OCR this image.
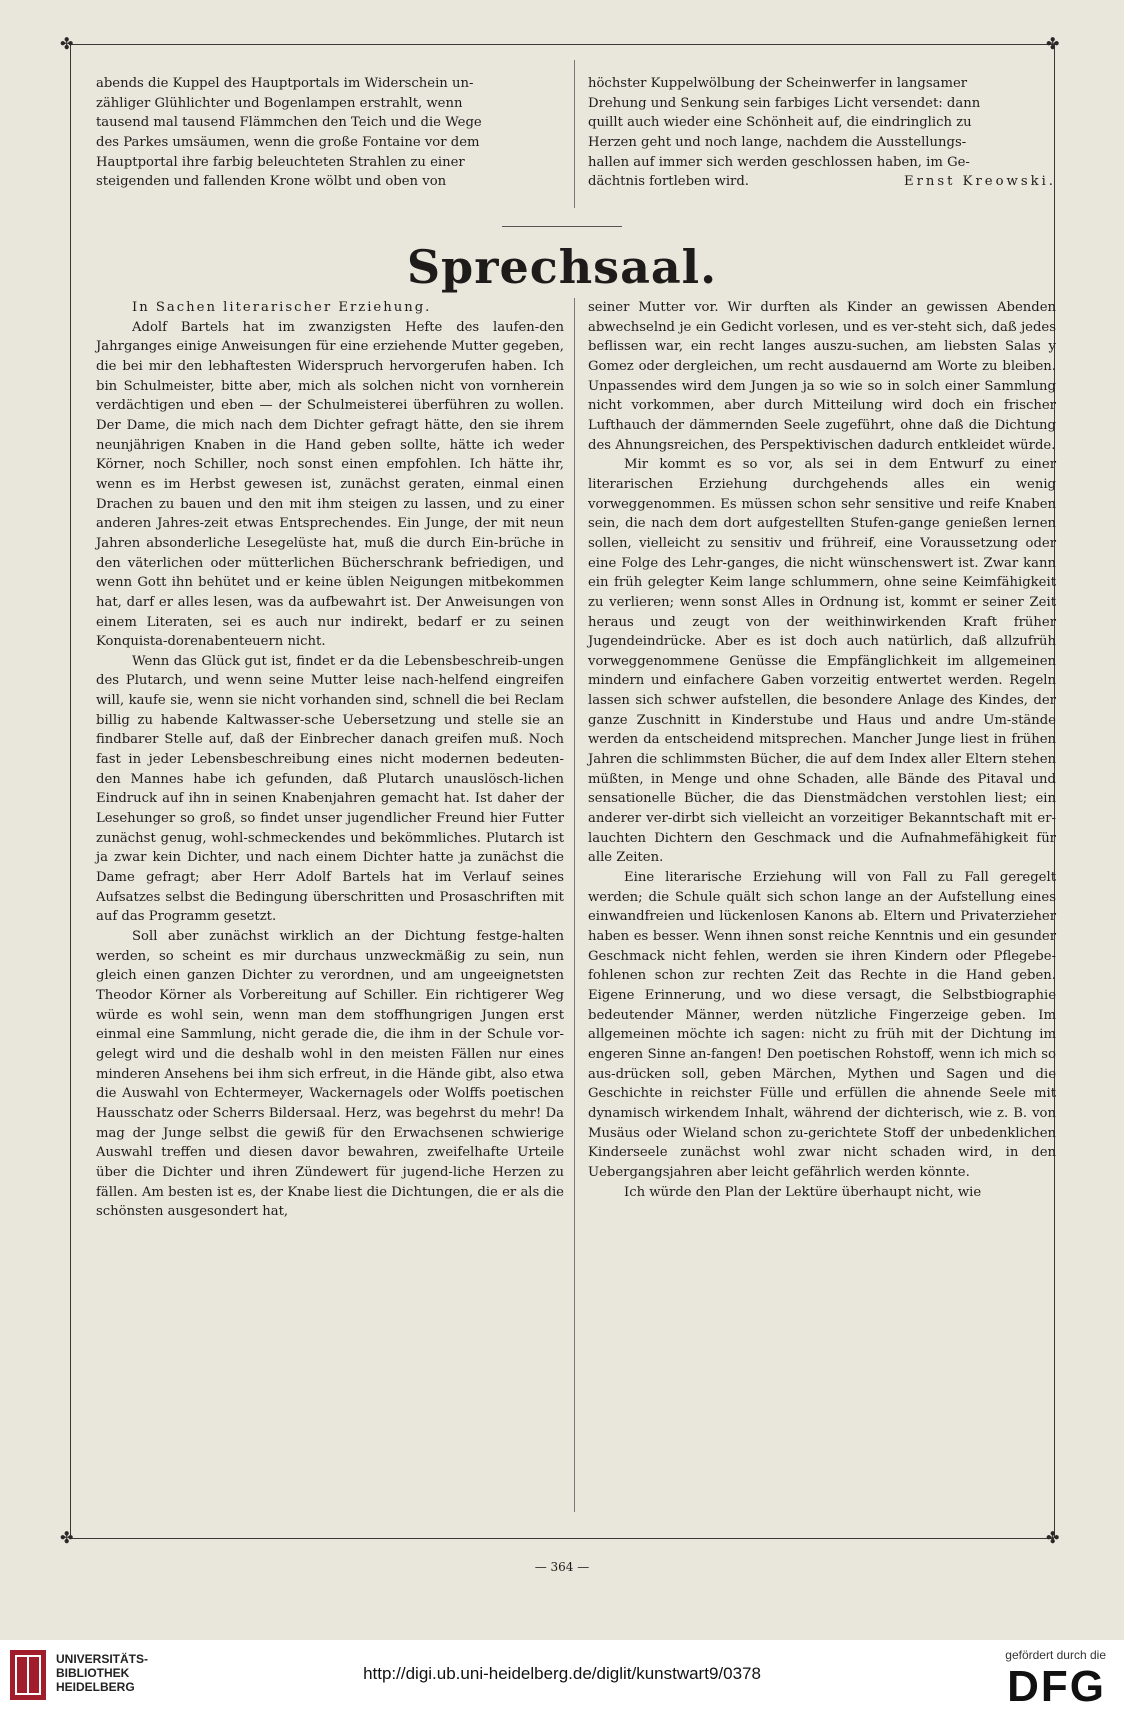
✤	✤
✤	✤

abends die Kuppel des Hauptportals im Widerschein un-

zähliger Glühlichter und Bogenlampen erstrahlt, wenn

tausend mal tausend Flämmchen den Teich und die Wege

des Parkes umsäumen, wenn die große Fontaine vor dem

Hauptportal ihre farbig beleuchteten Strahlen zu einer

steigenden und fallenden Krone wölbt und oben von

höchster Kuppelwölbung der Scheinwerfer in langsamer

Drehung und Senkung sein farbiges Licht versendet: dann

quillt auch wieder eine Schönheit auf, die eindringlich zu

Herzen geht und noch lange, nachdem die Ausstellungs-

hallen auf immer sich werden geschlossen haben, im Ge-

dächtnis fortleben wird.	Ernst Kreowski.

Sprechsaal.

In Sachen literarischer Erziehung.

Adolf Bartels hat im zwanzigsten Hefte des laufen-den Jahrganges einige Anweisungen für eine erziehende Mutter gegeben, die bei mir den lebhaftesten Widerspruch hervorgerufen haben. Ich bin Schulmeister, bitte aber, mich als solchen nicht von vornherein verdächtigen und eben — der Schulmeisterei überführen zu wollen. Der Dame, die mich nach dem Dichter gefragt hätte, den sie ihrem neunjährigen Knaben in die Hand geben sollte, hätte ich weder Körner, noch Schiller, noch sonst einen empfohlen. Ich hätte ihr, wenn es im Herbst gewesen ist, zunächst geraten, einmal einen Drachen zu bauen und den mit ihm steigen zu lassen, und zu einer anderen Jahres-zeit etwas Entsprechendes. Ein Junge, der mit neun Jahren absonderliche Lesegelüste hat, muß die durch Ein-brüche in den väterlichen oder mütterlichen Bücherschrank befriedigen, und wenn Gott ihn behütet und er keine üblen Neigungen mitbekommen hat, darf er alles lesen, was da aufbewahrt ist. Der Anweisungen von einem Literaten, sei es auch nur indirekt, bedarf er zu seinen Konquista-dorenabenteuern nicht.

Wenn das Glück gut ist, findet er da die Lebensbeschreib-ungen des Plutarch, und wenn seine Mutter leise nach-helfend eingreifen will, kaufe sie, wenn sie nicht vorhanden sind, schnell die bei Reclam billig zu habende Kaltwasser-sche Uebersetzung und stelle sie an findbarer Stelle auf, daß der Einbrecher danach greifen muß. Noch fast in jeder Lebensbeschreibung eines nicht modernen bedeuten-den Mannes habe ich gefunden, daß Plutarch unauslösch-lichen Eindruck auf ihn in seinen Knabenjahren gemacht hat. Ist daher der Lesehunger so groß, so findet unser jugendlicher Freund hier Futter zunächst genug, wohl-schmeckendes und bekömmliches. Plutarch ist ja zwar kein Dichter, und nach einem Dichter hatte ja zunächst die Dame gefragt; aber Herr Adolf Bartels hat im Verlauf seines Aufsatzes selbst die Bedingung überschritten und Prosaschriften mit auf das Programm gesetzt.

Soll aber zunächst wirklich an der Dichtung festge-halten werden, so scheint es mir durchaus unzweckmäßig zu sein, nun gleich einen ganzen Dichter zu verordnen, und am ungeeignetsten Theodor Körner als Vorbereitung auf Schiller. Ein richtigerer Weg würde es wohl sein, wenn man dem stoffhungrigen Jungen erst einmal eine Sammlung, nicht gerade die, die ihm in der Schule vor-gelegt wird und die deshalb wohl in den meisten Fällen nur eines minderen Ansehens bei ihm sich erfreut, in die Hände gibt, also etwa die Auswahl von Echtermeyer, Wackernagels oder Wolffs poetischen Hausschatz oder Scherrs Bildersaal. Herz, was begehrst du mehr! Da mag der Junge selbst die gewiß für den Erwachsenen schwierige Auswahl treffen und diesen davor bewahren, zweifelhafte Urteile über die Dichter und ihren Zündewert für jugend-liche Herzen zu fällen. Am besten ist es, der Knabe liest die Dichtungen, die er als die schönsten ausgesondert hat,

seiner Mutter vor. Wir durften als Kinder an gewissen Abenden abwechselnd je ein Gedicht vorlesen, und es ver-steht sich, daß jedes beflissen war, ein recht langes auszu-suchen, am liebsten Salas y Gomez oder dergleichen, um recht ausdauernd am Worte zu bleiben. Unpassendes wird dem Jungen ja so wie so in solch einer Sammlung nicht vorkommen, aber durch Mitteilung wird doch ein frischer Lufthauch der dämmernden Seele zugeführt, ohne daß die Dichtung des Ahnungsreichen, des Perspektivischen dadurch entkleidet würde.

Mir kommt es so vor, als sei in dem Entwurf zu einer literarischen Erziehung durchgehends alles ein wenig vorweggenommen. Es müssen schon sehr sensitive und reife Knaben sein, die nach dem dort aufgestellten Stufen-gange genießen lernen sollen, vielleicht zu sensitiv und frühreif, eine Voraussetzung oder eine Folge des Lehr-ganges, die nicht wünschenswert ist. Zwar kann ein früh gelegter Keim lange schlummern, ohne seine Keimfähigkeit zu verlieren; wenn sonst Alles in Ordnung ist, kommt er seiner Zeit heraus und zeugt von der weithinwirkenden Kraft früher Jugendeindrücke. Aber es ist doch auch natürlich, daß allzufrüh vorweggenommene Genüsse die Empfänglichkeit im allgemeinen mindern und einfachere Gaben vorzeitig entwertet werden. Regeln lassen sich schwer aufstellen, die besondere Anlage des Kindes, der ganze Zuschnitt in Kinderstube und Haus und andre Um-stände werden da entscheidend mitsprechen. Mancher Junge liest in frühen Jahren die schlimmsten Bücher, die auf dem Index aller Eltern stehen müßten, in Menge und ohne Schaden, alle Bände des Pitaval und sensationelle Bücher, die das Dienstmädchen verstohlen liest; ein anderer ver-dirbt sich vielleicht an vorzeitiger Bekanntschaft mit er-lauchten Dichtern den Geschmack und die Aufnahmefähigkeit für alle Zeiten.

Eine literarische Erziehung will von Fall zu Fall geregelt werden; die Schule quält sich schon lange an der Aufstellung eines einwandfreien und lückenlosen Kanons ab. Eltern und Privaterzieher haben es besser. Wenn ihnen sonst reiche Kenntnis und ein gesunder Geschmack nicht fehlen, werden sie ihren Kindern oder Pflegebe-fohlenen schon zur rechten Zeit das Rechte in die Hand geben. Eigene Erinnerung, und wo diese versagt, die Selbstbiographie bedeutender Männer, werden nützliche Fingerzeige geben. Im allgemeinen möchte ich sagen: nicht zu früh mit der Dichtung im engeren Sinne an-fangen! Den poetischen Rohstoff, wenn ich mich so aus-drücken soll, geben Märchen, Mythen und Sagen und die Geschichte in reichster Fülle und erfüllen die ahnende Seele mit dynamisch wirkendem Inhalt, während der dichterisch, wie z. B. von Musäus oder Wieland schon zu-gerichtete Stoff der unbedenklichen Kinderseele zunächst wohl zwar nicht schaden wird, in den Uebergangsjahren aber leicht gefährlich werden könnte.

Ich würde den Plan der Lektüre überhaupt nicht, wie

— 364 —
UNIVERSITÄTS-
BIBLIOTHEK
HEIDELBERG
http://digi.ub.uni-heidelberg.de/diglit/kunstwart9/0378
gefördert durch die
DFG
